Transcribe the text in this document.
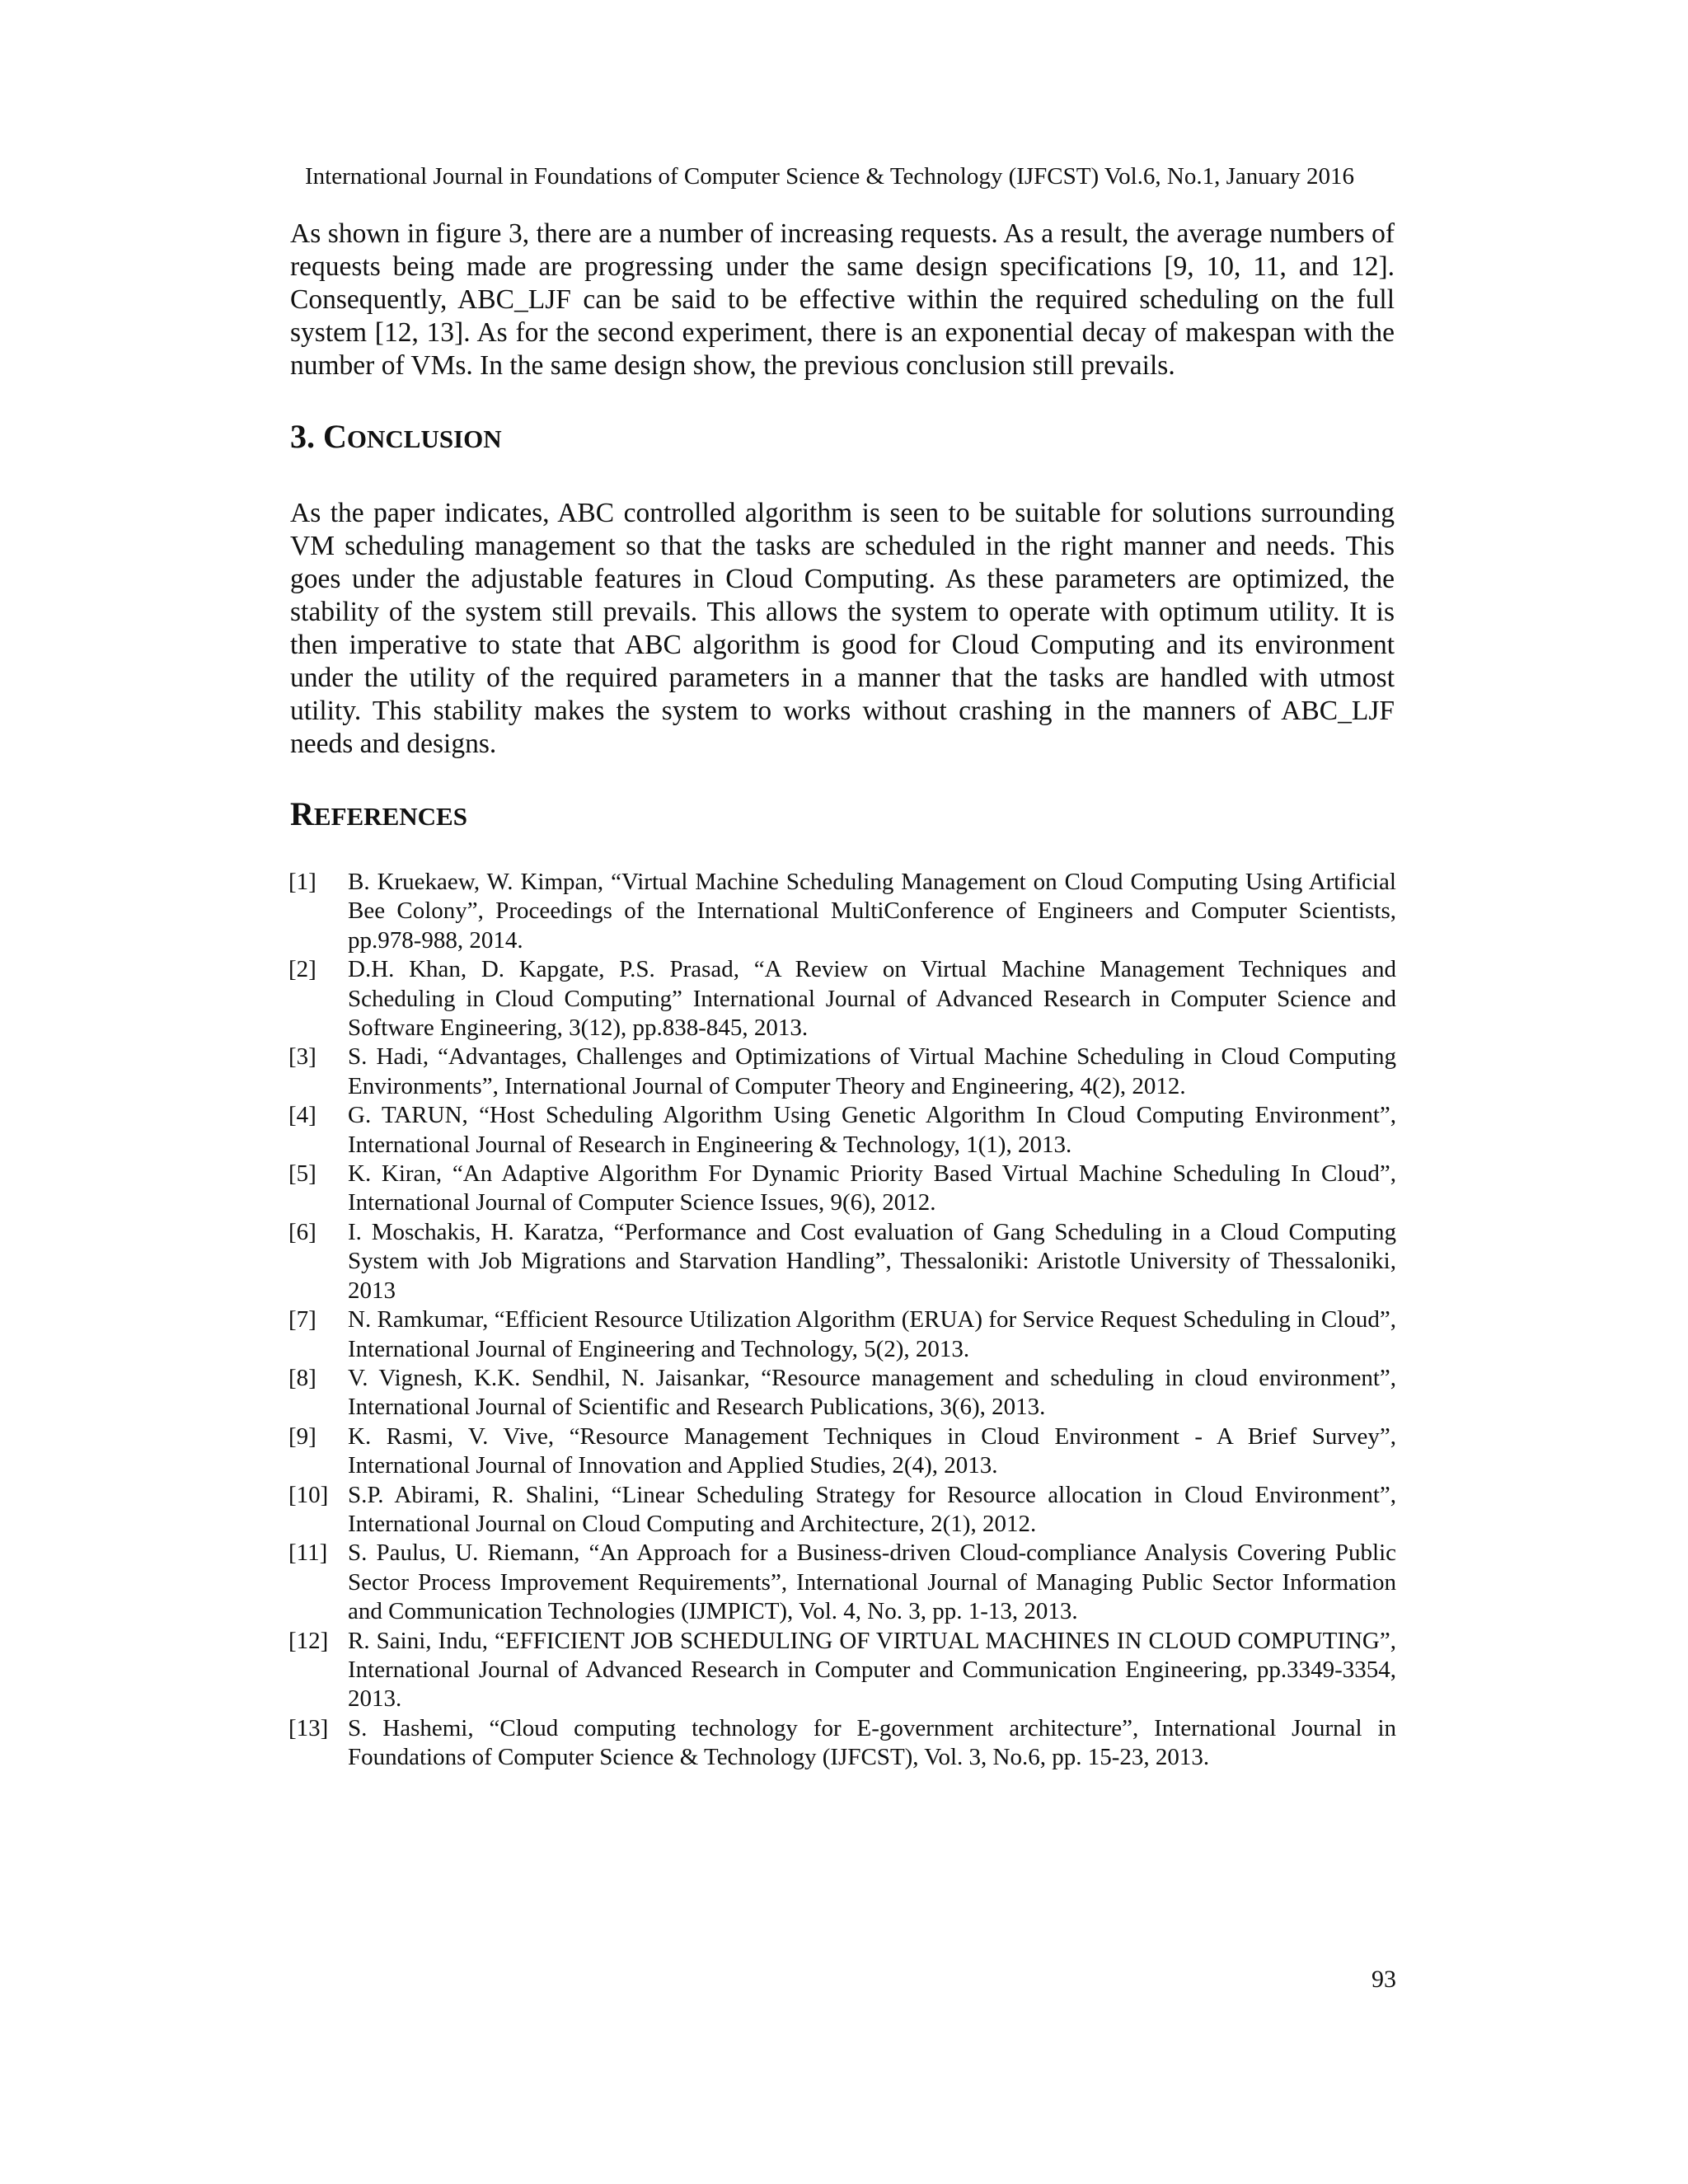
International Journal in Foundations of Computer Science & Technology (IJFCST) Vol.6, No.1, January 2016

As shown in figure 3, there are a number of increasing requests. As a result, the average numbers of requests being made are progressing under the same design specifications [9, 10, 11, and 12]. Consequently, ABC_LJF can be said to be effective within the required scheduling on the full system [12, 13]. As for the second experiment, there is an exponential decay of makespan with the number of VMs. In the same design show, the previous conclusion still prevails.

3. CONCLUSION

As the paper indicates, ABC controlled algorithm is seen to be suitable for solutions surrounding VM scheduling management so that the tasks are scheduled in the right manner and needs. This goes under the adjustable features in Cloud Computing. As these parameters are optimized, the stability of the system still prevails. This allows the system to operate with optimum utility. It is then imperative to state that ABC algorithm is good for Cloud Computing and its environment under the utility of the required parameters in a manner that the tasks are handled with utmost utility. This stability makes the system to works without crashing in the manners of ABC_LJF needs and designs.

REFERENCES
[1]	B. Kruekaew, W. Kimpan, “Virtual Machine Scheduling Management on Cloud Computing Using Artificial Bee Colony”, Proceedings of the International MultiConference of Engineers and Computer Scientists, pp.978-988, 2014.
[2]	D.H. Khan, D. Kapgate, P.S. Prasad, “A Review on Virtual Machine Management Techniques and Scheduling in Cloud Computing” International Journal of Advanced Research in Computer Science and Software Engineering, 3(12), pp.838-845, 2013.
[3]	S. Hadi, “Advantages, Challenges and Optimizations of Virtual Machine Scheduling in Cloud Computing Environments”, International Journal of Computer Theory and Engineering, 4(2), 2012.
[4]	G. TARUN, “Host Scheduling Algorithm Using Genetic Algorithm In Cloud Computing Environment”, International Journal of Research in Engineering & Technology, 1(1), 2013.
[5]	K. Kiran, “An Adaptive Algorithm For Dynamic Priority Based Virtual Machine Scheduling In Cloud”, International Journal of Computer Science Issues, 9(6), 2012.
[6]	I. Moschakis, H. Karatza, “Performance and Cost evaluation of Gang Scheduling in a Cloud Computing System with Job Migrations and Starvation Handling”, Thessaloniki: Aristotle University of Thessaloniki, 2013
[7]	N. Ramkumar, “Efficient Resource Utilization Algorithm (ERUA) for Service Request Scheduling in Cloud”, International Journal of Engineering and Technology, 5(2), 2013.
[8]	V. Vignesh, K.K. Sendhil, N. Jaisankar, “Resource management and scheduling in cloud environment”, International Journal of Scientific and Research Publications, 3(6), 2013.
[9]	K. Rasmi, V. Vive, “Resource Management Techniques in Cloud Environment - A Brief Survey”, International Journal of Innovation and Applied Studies, 2(4), 2013.
[10] S.P. Abirami, R. Shalini, “Linear Scheduling Strategy for Resource allocation in Cloud Environment”, International Journal on Cloud Computing and Architecture, 2(1), 2012.
[11] S. Paulus, U. Riemann, “An Approach for a Business-driven Cloud-compliance Analysis Covering Public Sector Process Improvement Requirements”, International Journal of Managing Public Sector Information and Communication Technologies (IJMPICT), Vol. 4, No. 3, pp. 1-13, 2013.
[12] R. Saini, Indu, “EFFICIENT JOB SCHEDULING OF VIRTUAL MACHINES IN CLOUD COMPUTING”, International Journal of Advanced Research in Computer and Communication Engineering, pp.3349-3354, 2013.
[13] S. Hashemi, “Cloud computing technology for E-government architecture”, International Journal in Foundations of Computer Science & Technology (IJFCST), Vol. 3, No.6, pp. 15-23, 2013.
93
